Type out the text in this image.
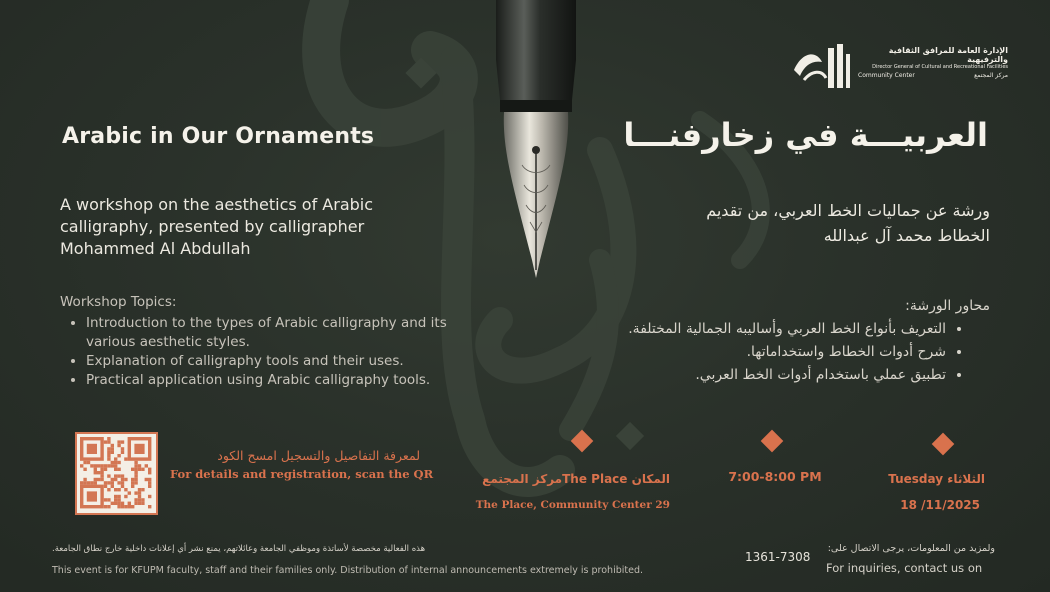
الإدارة العامة للمرافق الثقافية والترفيهية
Director General of Cultural and Recreational Facilities
Community Center	مركز المجتمع
Arabic in Our Ornaments	العربيـــة في زخارفنـــا
A workshop on the aesthetics of Arabic calligraphy, presented by calligrapher Mohammed Al Abdullah
ورشة عن جماليات الخط العربي، من تقديم الخطاط محمد آل عبدالله
Workshop Topics:
• Introduction to the types of Arabic calligraphy and its various aesthetic styles.
• Explanation of calligraphy tools and their uses.
• Practical application using Arabic calligraphy tools.
محاور الورشة:
• التعريف بأنواع الخط العربي وأساليبه الجمالية المختلفة.
• شرح أدوات الخطاط واستخداماتها.
• تطبيق عملي باستخدام أدوات الخط العربي.
لمعرفة التفاصيل والتسجيل امسح الكود
For details and registration, scan the QR	المكان The Placeمركز المجتمع
The Place, Community Center 29
7:00-8:00 PM	الثلاثاء Tuesday
18 /11/2025
هذه الفعالية مخصصة لأساتذة وموظفي الجامعة وعائلاتهم، يمنع نشر أي إعلانات داخلية خارج نطاق الجامعة.
This event is for KFUPM faculty, staff and their families only. Distribution of internal announcements extremely is prohibited.
1361-7308
ولمزيد من المعلومات، يرجى الاتصال على:
For inquiries, contact us on
